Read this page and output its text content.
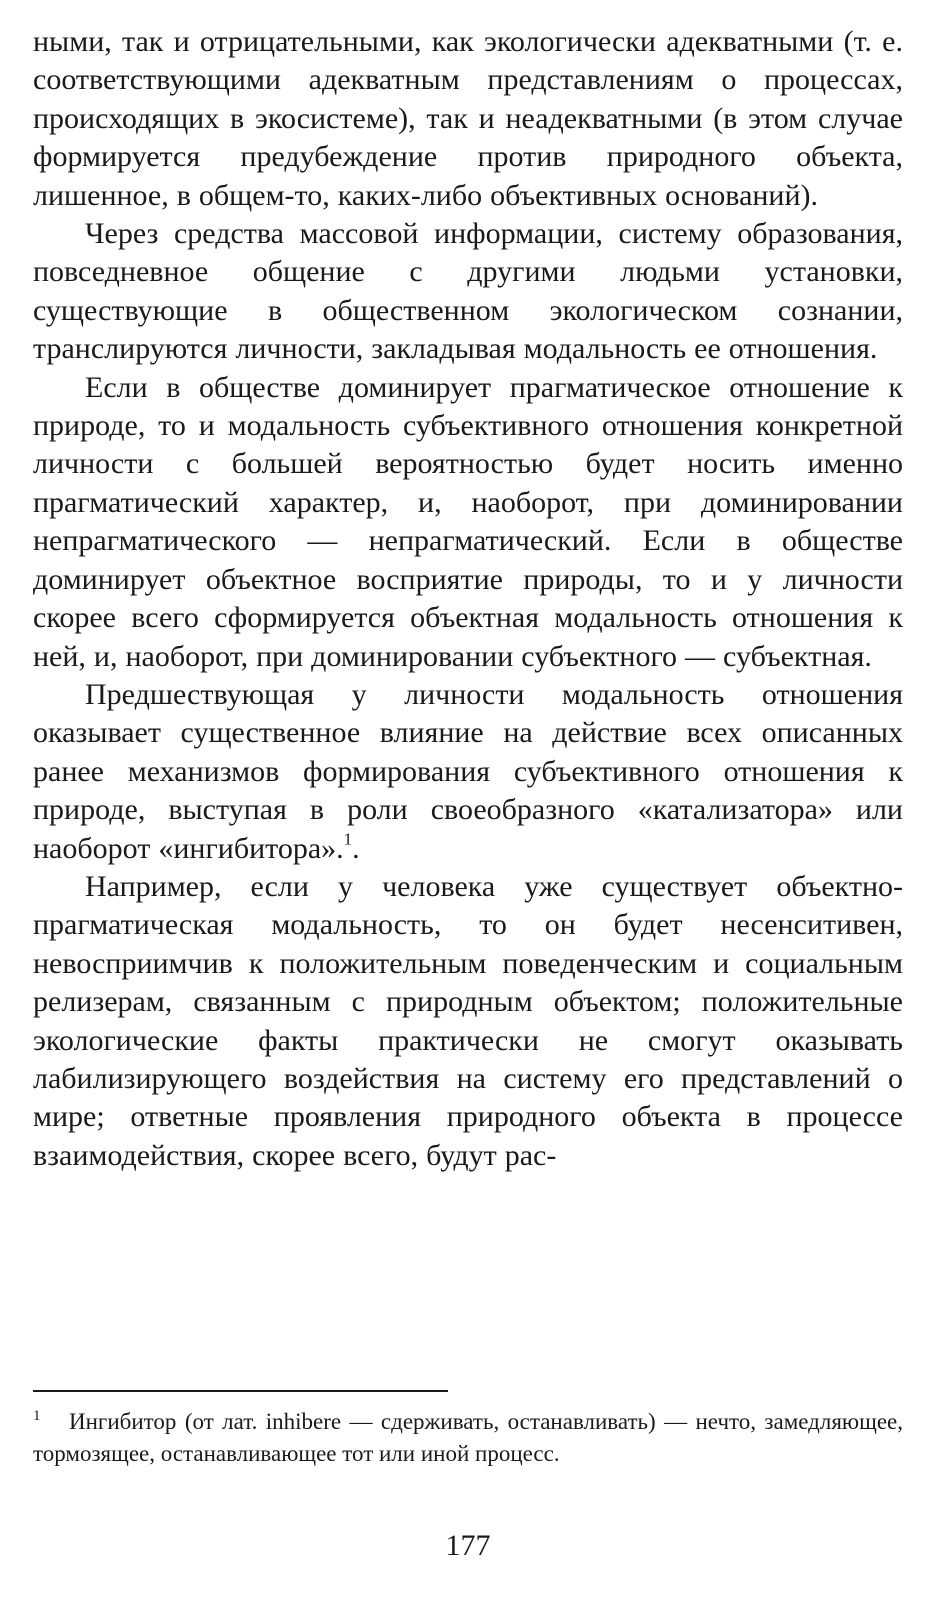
ными, так и отрицательными, как экологически адекватными (т. е. соответствующими адекватным представлениям о процессах, происходящих в экосистеме), так и неадекватными (в этом случае формируется предубеждение против природного объекта, лишенное, в общем-то, каких-либо объективных оснований).

Через средства массовой информации, систему образования, повседневное общение с другими людьми установки, существующие в общественном экологическом сознании, транслируются личности, закладывая модальность ее отношения.

Если в обществе доминирует прагматическое отношение к природе, то и модальность субъективного отношения конкретной личности с большей вероятностью будет носить именно прагматический характер, и, наоборот, при доминировании непрагматического — непрагматический. Если в обществе доминирует объектное восприятие природы, то и у личности скорее всего сформируется объектная модальность отношения к ней, и, наоборот, при доминировании субъектного — субъектная.

Предшествующая у личности модальность отношения оказывает существенное влияние на действие всех описанных ранее механизмов формирования субъективного отношения к природе, выступая в роли своеобразного «катализатора» или наоборот «ингибитора».$^1$.

Например, если у человека уже существует объектно-прагматическая модальность, то он будет несенситивен, невосприимчив к положительным поведенческим и социальным релизерам, связанным с природным объектом; положительные экологические факты практически не смогут оказывать лабилизирующего воздействия на систему его представлений о мире; ответные проявления природного объекта в процессе взаимодействия, скорее всего, будут рас-

1 Ингибитор (от лат. inhibere — сдерживать, останавливать) — нечто, замедляющее, тормозящее, останавливающее тот или иной процесс.

177
